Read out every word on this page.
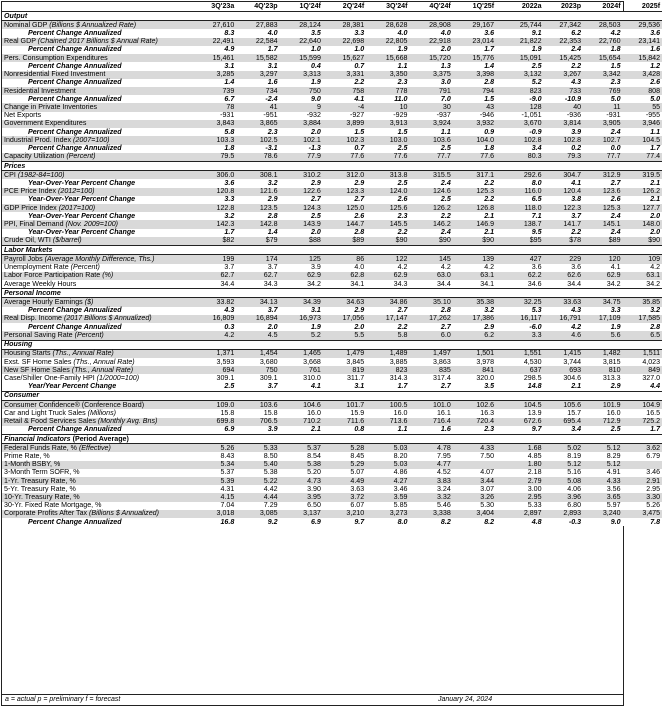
	3Q'23a	4Q'23p	1Q'24f	2Q'24f	3Q'24f	4Q'24f	1Q'25f		2022a	2023p	2024f	2025f
Output												
Nominal GDP (Billions $ Annualized Rate)	27,610	27,883	28,124	28,381	28,628	28,908	29,167		25,744	27,342	28,503	29,536
Percent Change Annualized	8.3	4.0	3.5	3.3	4.0	4.0	3.6		9.1	6.2	4.2	3.6
Real GDP (Chained 2017 Billions $ Annual Rate)	22,491	22,584	22,640	22,698	22,805	22,918	23,014		21,822	22,353	22,760	23,141
Percent Change Annualized	4.9	1.7	1.0	1.0	1.9	2.0	1.7		1.9	2.4	1.8	1.6
Pers. Consumption Expenditures	15,461	15,582	15,599	15,627	15,668	15,720	15,776		15,091	15,425	15,654	15,842
Percent Change Annualized	3.1	3.1	0.4	0.7	1.1	1.3	1.4		2.5	2.2	1.5	1.2
Nonresidential Fixed Investment	3,285	3,297	3,313	3,331	3,350	3,375	3,398		3,132	3,267	3,342	3,428
Percent Change Annualized	1.4	1.6	1.9	2.2	2.3	3.0	2.8		5.2	4.3	2.3	2.6
Residential Investment	739	734	750	758	778	791	794		823	733	769	808
Percent Change Annualized	6.7	-2.4	9.0	4.1	11.0	7.0	1.5		-9.0	-10.9	5.0	5.0
Change in Private Inventories	78	41	9	-4	10	30	43		128	40	11	55
Net Exports	-931	-951	-932	-927	-929	-937	-946		-1,051	-936	-931	-955
Government Expenditures	3,843	3,865	3,884	3,899	3,913	3,924	3,932		3,670	3,814	3,905	3,946
Percent Change Annualized	5.8	2.3	2.0	1.5	1.5	1.1	0.9		-0.9	3.9	2.4	1.1
Industrial Prod. Index (2007=100)	103.3	102.5	102.1	102.3	103.0	103.6	104.0		102.8	102.8	102.7	104.5
Percent Change Annualized	1.8	-3.1	-1.3	0.7	2.5	2.5	1.8		3.4	0.2	0.0	1.7
Capacity Utilization (Percent)	79.5	78.6	77.9	77.6	77.6	77.7	77.6		80.3	79.3	77.7	77.4
Prices												
CPI (1982-84=100)	306.0	308.1	310.2	312.0	313.8	315.5	317.1		292.6	304.7	312.9	319.5
Year-Over-Year Percent Change	3.6	3.2	2.9	2.9	2.5	2.4	2.2		8.0	4.1	2.7	2.1
PCE Price Index (2012=100)	120.8	121.6	122.6	123.3	124.0	124.6	125.3		116.0	120.4	123.6	126.2
Year-Over-Year Percent Change	3.3	2.9	2.7	2.7	2.6	2.5	2.2		6.5	3.8	2.6	2.1
GDP Price Index (2017=100)	122.8	123.5	124.3	125.0	125.6	126.2	126.8		118.0	122.3	125.3	127.7
Year-Over-Year Percent Change	3.2	2.8	2.5	2.6	2.3	2.2	2.1		7.1	3.7	2.4	2.0
PPI, Final Demand (Nov. 2009=100)	142.3	142.8	143.9	144.7	145.5	146.2	146.9		138.7	141.7	145.1	148.0
Year-Over-Year Percent Change	1.7	1.4	2.0	2.8	2.2	2.4	2.1		9.5	2.2	2.4	2.0
Crude Oil, WTI ($/barrel)	$82	$79	$88	$89	$90	$90	$90		$95	$78	$89	$90
Labor Markets												
Payroll Jobs (Average Monthly Difference, Ths.)	199	174	125	86	122	145	139		427	229	120	109
Unemployment Rate (Percent)	3.7	3.7	3.9	4.0	4.2	4.2	4.2		3.6	3.6	4.1	4.2
Labor Force Participation Rate (%)	62.7	62.7	62.9	62.8	62.9	63.0	63.1		62.2	62.6	62.9	63.1
Average Weekly Hours	34.4	34.3	34.2	34.1	34.3	34.4	34.1		34.6	34.4	34.2	34.2
Personal Income												
Average Hourly Earnings ($)	33.82	34.13	34.39	34.63	34.86	35.10	35.38		32.25	33.63	34.75	35.85
Percent Change Annualized	4.3	3.7	3.1	2.9	2.7	2.8	3.2		5.3	4.3	3.3	3.2
Real Disp. Income (2017 Billions $ Annualized)	16,809	16,894	16,973	17,056	17,147	17,262	17,386		16,117	16,791	17,109	17,585
Percent Change Annualized	0.3	2.0	1.9	2.0	2.2	2.7	2.9		-6.0	4.2	1.9	2.8
Personal Saving Rate (Percent)	4.2	4.5	5.2	5.5	5.8	6.0	6.2		3.3	4.6	5.6	6.5
Housing												
Housing Starts (Ths., Annual Rate)	1,371	1,454	1,465	1,479	1,489	1,497	1,501		1,551	1,415	1,482	1,511
Exst. SF Home Sales (Ths., Annual Rate)	3,593	3,680	3,668	3,845	3,885	3,863	3,978		4,530	3,744	3,815	4,023
New SF Home Sales (Ths., Annual Rate)	694	750	761	819	823	835	841		637	693	810	849
Case/Shiller One-Family HPI (1/2000=100)	309.1	309.1	310.0	311.7	314.3	317.4	320.0		298.5	304.6	313.3	327.0
Year/Year Percent Change	2.5	3.7	4.1	3.1	1.7	2.7	3.5		14.8	2.1	2.9	4.4
Consumer												
Consumer Confidence® (Conference Board)	109.0	103.6	104.6	101.7	100.5	101.0	102.6		104.5	105.6	101.9	104.9
Car and Light Truck Sales (Millions)	15.8	15.8	16.0	15.9	16.0	16.1	16.3		13.9	15.7	16.0	16.5
Retail & Food Services Sales (Monthly Avg. Bns)	699.8	706.5	710.2	711.6	713.6	716.4	720.4		672.6	695.4	712.9	725.2
Percent Change Annualized	6.9	3.9	2.1	0.8	1.1	1.6	2.3		9.7	3.4	2.5	1.7
Financial Indicators (Period Average)												
Federal Funds Rate, % (Effective)	5.26	5.33	5.37	5.28	5.03	4.78	4.33		1.68	5.02	5.12	3.62
Prime Rate, %	8.43	8.50	8.54	8.45	8.20	7.95	7.50		4.85	8.19	8.29	6.79
1-Month BSBY, %	5.34	5.40	5.38	5.29	5.03	4.77			1.80	5.12	5.12	
3-Month Term SOFR, %	5.37	5.38	5.20	5.07	4.86	4.52	4.07		2.18	5.16	4.91	3.46
1-Yr. Treasury Rate, %	5.39	5.22	4.73	4.49	4.27	3.83	3.44		2.79	5.08	4.33	2.91
5-Yr. Treasury Rate, %	4.31	4.42	3.90	3.63	3.46	3.24	3.07		3.00	4.06	3.56	2.95
10-Yr. Treasury Rate, %	4.15	4.44	3.95	3.72	3.59	3.32	3.26		2.95	3.96	3.65	3.30
30-Yr. Fixed Rate Mortgage, %	7.04	7.29	6.50	6.07	5.85	5.46	5.30		5.33	6.80	5.97	5.26
Corporate Profits After Tax (Billions $ Annualized)	3,018	3,085	3,137	3,210	3,273	3,338	3,404		2,897	2,893	3,240	3,475
Percent Change Annualized	16.8	9.2	6.9	9.7	8.0	8.2	8.2		4.8	-0.3	9.0	7.8
a = actual p = preliminary f = forecast	January 24, 2024
